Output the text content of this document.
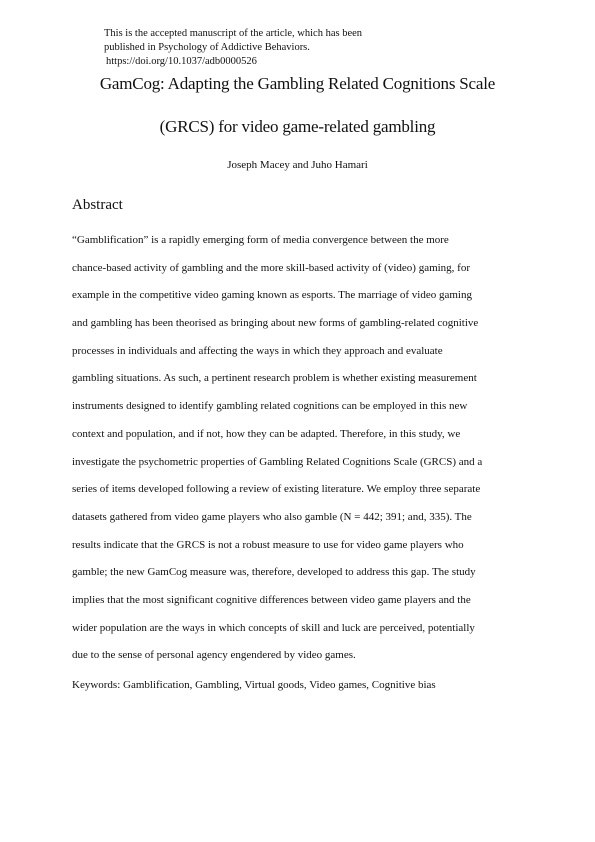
This is the accepted manuscript of the article, which has been
published in Psychology of Addictive Behaviors.
https://doi.org/10.1037/adb0000526
GamCog: Adapting the Gambling Related Cognitions Scale
(GRCS) for video game-related gambling
Joseph Macey and Juho Hamari
Abstract
“Gamblification” is a rapidly emerging form of media convergence between the more
chance-based activity of gambling and the more skill-based activity of (video) gaming, for
example in the competitive video gaming known as esports. The marriage of video gaming
and gambling has been theorised as bringing about new forms of gambling-related cognitive
processes in individuals and affecting the ways in which they approach and evaluate
gambling situations. As such, a pertinent research problem is whether existing measurement
instruments designed to identify gambling related cognitions can be employed in this new
context and population, and if not, how they can be adapted. Therefore, in this study, we
investigate the psychometric properties of Gambling Related Cognitions Scale (GRCS) and a
series of items developed following a review of existing literature. We employ three separate
datasets gathered from video game players who also gamble (N = 442; 391; and, 335). The
results indicate that the GRCS is not a robust measure to use for video game players who
gamble; the new GamCog measure was, therefore, developed to address this gap. The study
implies that the most significant cognitive differences between video game players and the
wider population are the ways in which concepts of skill and luck are perceived, potentially
due to the sense of personal agency engendered by video games.
Keywords: Gamblification, Gambling, Virtual goods, Video games, Cognitive bias
